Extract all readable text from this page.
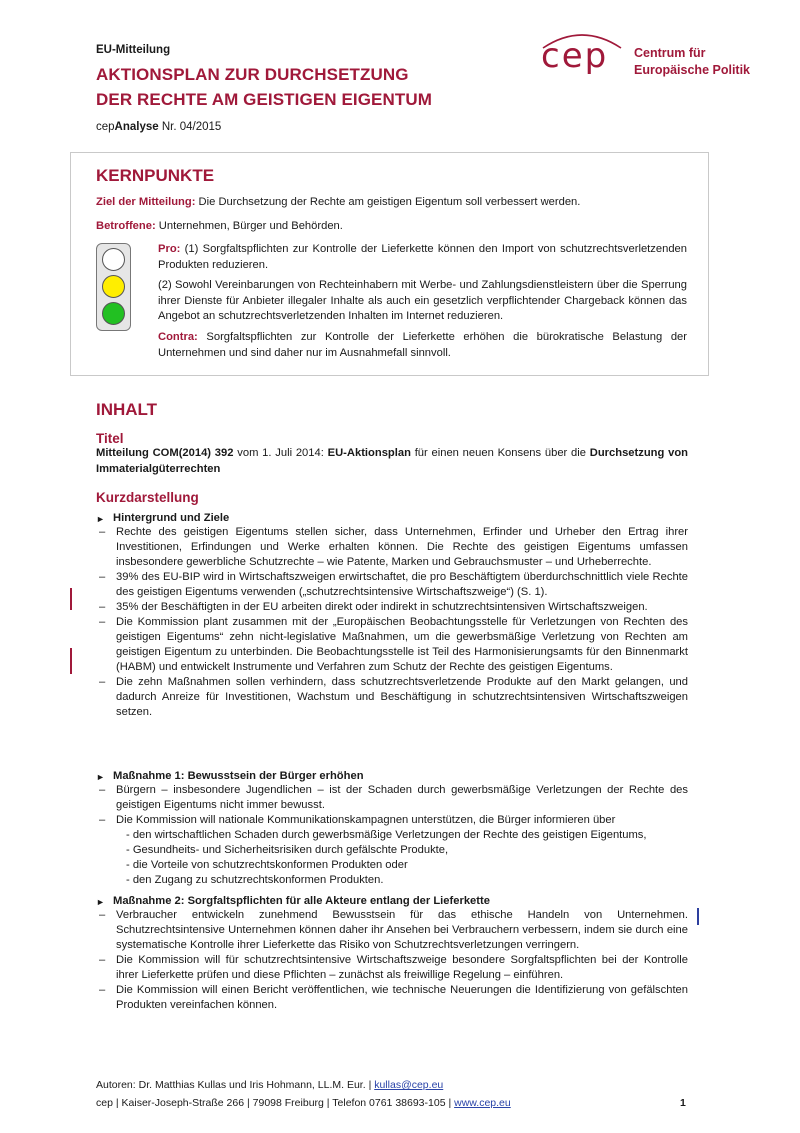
EU-Mitteilung
AKTIONSPLAN ZUR DURCHSETZUNG
DER RECHTE AM GEISTIGEN EIGENTUM
cepAnalyse Nr. 04/2015
cep Centrum für
Europäische Politik
KERNPUNKTE
Ziel der Mitteilung: Die Durchsetzung der Rechte am geistigen Eigentum soll verbessert werden.
Betroffene: Unternehmen, Bürger und Behörden.
Pro: (1) Sorgfaltspflichten zur Kontrolle der Lieferkette können den Import von schutzrechtsverletzenden Produkten reduzieren.
(2) Sowohl Vereinbarungen von Rechteinhabern mit Werbe- und Zahlungsdienstleistern über die Sperrung ihrer Dienste für Anbieter illegaler Inhalte als auch ein gesetzlich verpflichtender Chargeback können das Angebot an schutzrechtsverletzenden Inhalten im Internet reduzieren.
Contra: Sorgfaltspflichten zur Kontrolle der Lieferkette erhöhen die bürokratische Belastung der Unternehmen und sind daher nur im Ausnahmefall sinnvoll.
INHALT
Titel
Mitteilung COM(2014) 392 vom 1. Juli 2014: EU-Aktionsplan für einen neuen Konsens über die Durchsetzung von Immaterialgüterrechten
Kurzdarstellung
► Hintergrund und Ziele
– Rechte des geistigen Eigentums stellen sicher, dass Unternehmen, Erfinder und Urheber den Ertrag ihrer Investitionen, Erfindungen und Werke erhalten können. Die Rechte des geistigen Eigentums umfassen insbesondere gewerbliche Schutzrechte – wie Patente, Marken und Gebrauchsmuster – und Urheberrechte.
– 39% des EU-BIP wird in Wirtschaftszweigen erwirtschaftet, die pro Beschäftigtem überdurchschnittlich viele Rechte des geistigen Eigentums verwenden („schutzrechtsintensive Wirtschaftszweige“) (S. 1).
– 35% der Beschäftigten in der EU arbeiten direkt oder indirekt in schutzrechtsintensiven Wirtschaftszweigen.
– Die Kommission plant zusammen mit der „Europäischen Beobachtungsstelle für Verletzungen von Rechten des geistigen Eigentums“ zehn nicht-legislative Maßnahmen, um die gewerbsmäßige Verletzung von Rechten am geistigen Eigentum zu unterbinden. Die Beobachtungsstelle ist Teil des Harmonisierungsamts für den Binnenmarkt (HABM) und entwickelt Instrumente und Verfahren zum Schutz der Rechte des geistigen Eigentums.
– Die zehn Maßnahmen sollen verhindern, dass schutzrechtsverletzende Produkte auf den Markt gelangen, und dadurch Anreize für Investitionen, Wachstum und Beschäftigung in schutzrechtsintensiven Wirtschaftszweigen setzen.
► Maßnahme 1: Bewusstsein der Bürger erhöhen
– Bürgern – insbesondere Jugendlichen – ist der Schaden durch gewerbsmäßige Verletzungen der Rechte des geistigen Eigentums nicht immer bewusst.
– Die Kommission will nationale Kommunikationskampagnen unterstützen, die Bürger informieren über
- den wirtschaftlichen Schaden durch gewerbsmäßige Verletzungen der Rechte des geistigen Eigentums,
- Gesundheits- und Sicherheitsrisiken durch gefälschte Produkte,
- die Vorteile von schutzrechtskonformen Produkten oder
- den Zugang zu schutzrechtskonformen Produkten.
► Maßnahme 2: Sorgfaltspflichten für alle Akteure entlang der Lieferkette
– Verbraucher entwickeln zunehmend Bewusstsein für das ethische Handeln von Unternehmen. Schutzrechtsintensive Unternehmen können daher ihr Ansehen bei Verbrauchern verbessern, indem sie durch eine systematische Kontrolle ihrer Lieferkette das Risiko von Schutzrechtsverletzungen verringern.
– Die Kommission will für schutzrechtsintensive Wirtschaftszweige besondere Sorgfaltspflichten bei der Kontrolle ihrer Lieferkette prüfen und diese Pflichten – zunächst als freiwillige Regelung – einführen.
– Die Kommission will einen Bericht veröffentlichen, wie technische Neuerungen die Identifizierung von gefälschten Produkten vereinfachen können.
Autoren: Dr. Matthias Kullas und Iris Hohmann, LL.M. Eur. | kullas@cep.eu
cep | Kaiser-Joseph-Straße 266 | 79098 Freiburg | Telefon 0761 38693-105 | www.cep.eu	1
